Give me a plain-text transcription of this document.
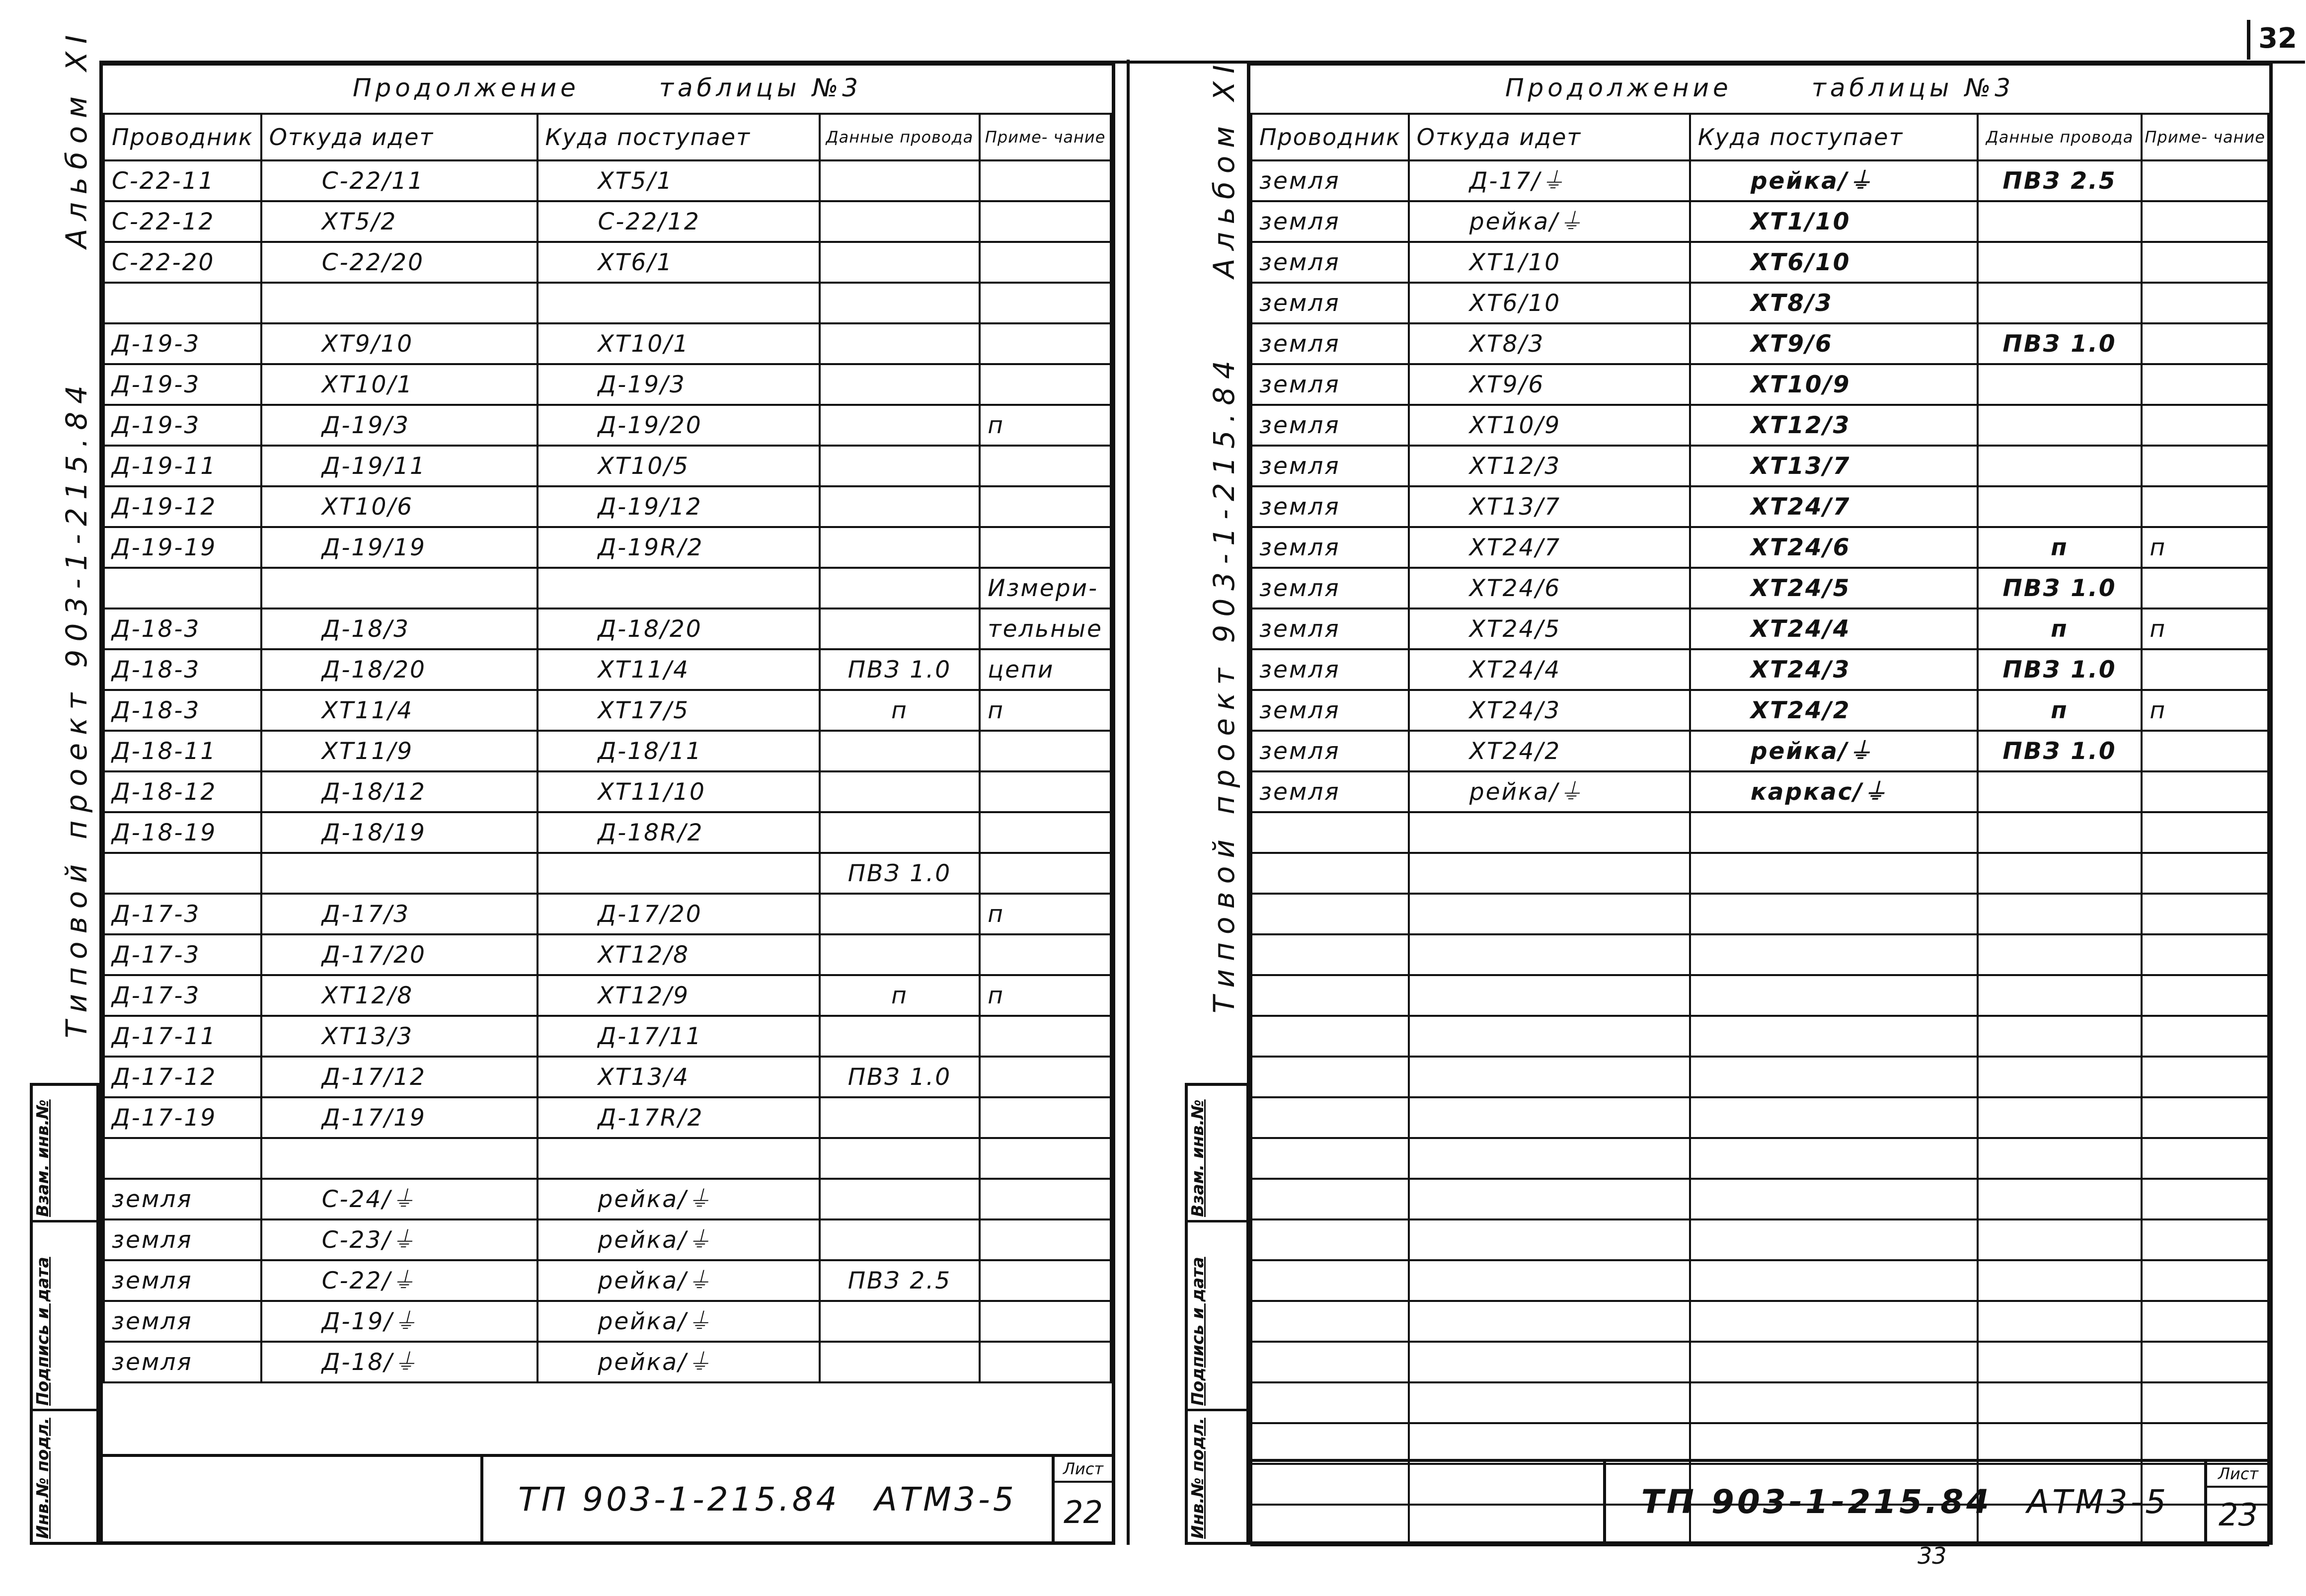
32
Альбом XI
Типовой проект 903-1-215.84
Взам. инв.№
Подпись и дата
Инв.№ подл.
Продолжение	таблицы №3
Проводник	Откуда идет	Куда поступает	Данные провода	Приме- чание
С-22-11	С-22/11	ХТ5/1		
С-22-12	ХТ5/2	С-22/12		
С-22-20	С-22/20	ХТ6/1		

Д-19-3	ХТ9/10	ХТ10/1		
Д-19-3	ХТ10/1	Д-19/3		
Д-19-3	Д-19/3	Д-19/20		п
Д-19-11	Д-19/11	ХТ10/5		
Д-19-12	ХТ10/6	Д-19/12		
Д-19-19	Д-19/19	Д-19R/2		
				Измери-
Д-18-3	Д-18/3	Д-18/20		тельные
Д-18-3	Д-18/20	ХТ11/4	ПВЗ 1.0	цепи
Д-18-3	ХТ11/4	ХТ17/5	п	п
Д-18-11	ХТ11/9	Д-18/11		
Д-18-12	Д-18/12	ХТ11/10		
Д-18-19	Д-18/19	Д-18R/2		
			ПВЗ 1.0	
Д-17-3	Д-17/3	Д-17/20		п
Д-17-3	Д-17/20	ХТ12/8		
Д-17-3	ХТ12/8	ХТ12/9	п	п
Д-17-11	ХТ13/3	Д-17/11		
Д-17-12	Д-17/12	ХТ13/4	ПВЗ 1.0	
Д-17-19	Д-17/19	Д-17R/2		

земля	С-24/⏚	рейка/⏚		
земля	С-23/⏚	рейка/⏚		
земля	С-22/⏚	рейка/⏚	ПВЗ 2.5	
земля	Д-19/⏚	рейка/⏚		
земля	Д-18/⏚	рейка/⏚		
ТП 903-1-215.84 АТМ3-5
Лист
22
Альбом XI
Типовой проект 903-1-215.84
Взам. инв.№
Подпись и дата
Инв.№ подл.
Продолжение	таблицы №3
Проводник	Откуда идет	Куда поступает	Данные провода	Приме- чание
земля	Д-17/⏚	рейка/⏚	ПВЗ 2.5	
земля	рейка/⏚	ХТ1/10		
земля	ХТ1/10	ХТ6/10		
земля	ХТ6/10	ХТ8/3		
земля	ХТ8/3	ХТ9/6	ПВЗ 1.0	
земля	ХТ9/6	ХТ10/9		
земля	ХТ10/9	ХТ12/3		
земля	ХТ12/3	ХТ13/7		
земля	ХТ13/7	ХТ24/7		
земля	ХТ24/7	ХТ24/6	п	п
земля	ХТ24/6	ХТ24/5	ПВЗ 1.0	
земля	ХТ24/5	ХТ24/4	п	п
земля	ХТ24/4	ХТ24/3	ПВЗ 1.0	
земля	ХТ24/3	ХТ24/2	п	п
земля	ХТ24/2	рейка/⏚	ПВЗ 1.0	
земля	рейка/⏚	каркас/⏚		

ТП 903-1-215.84 АТМ3-5
Лист
23
33
